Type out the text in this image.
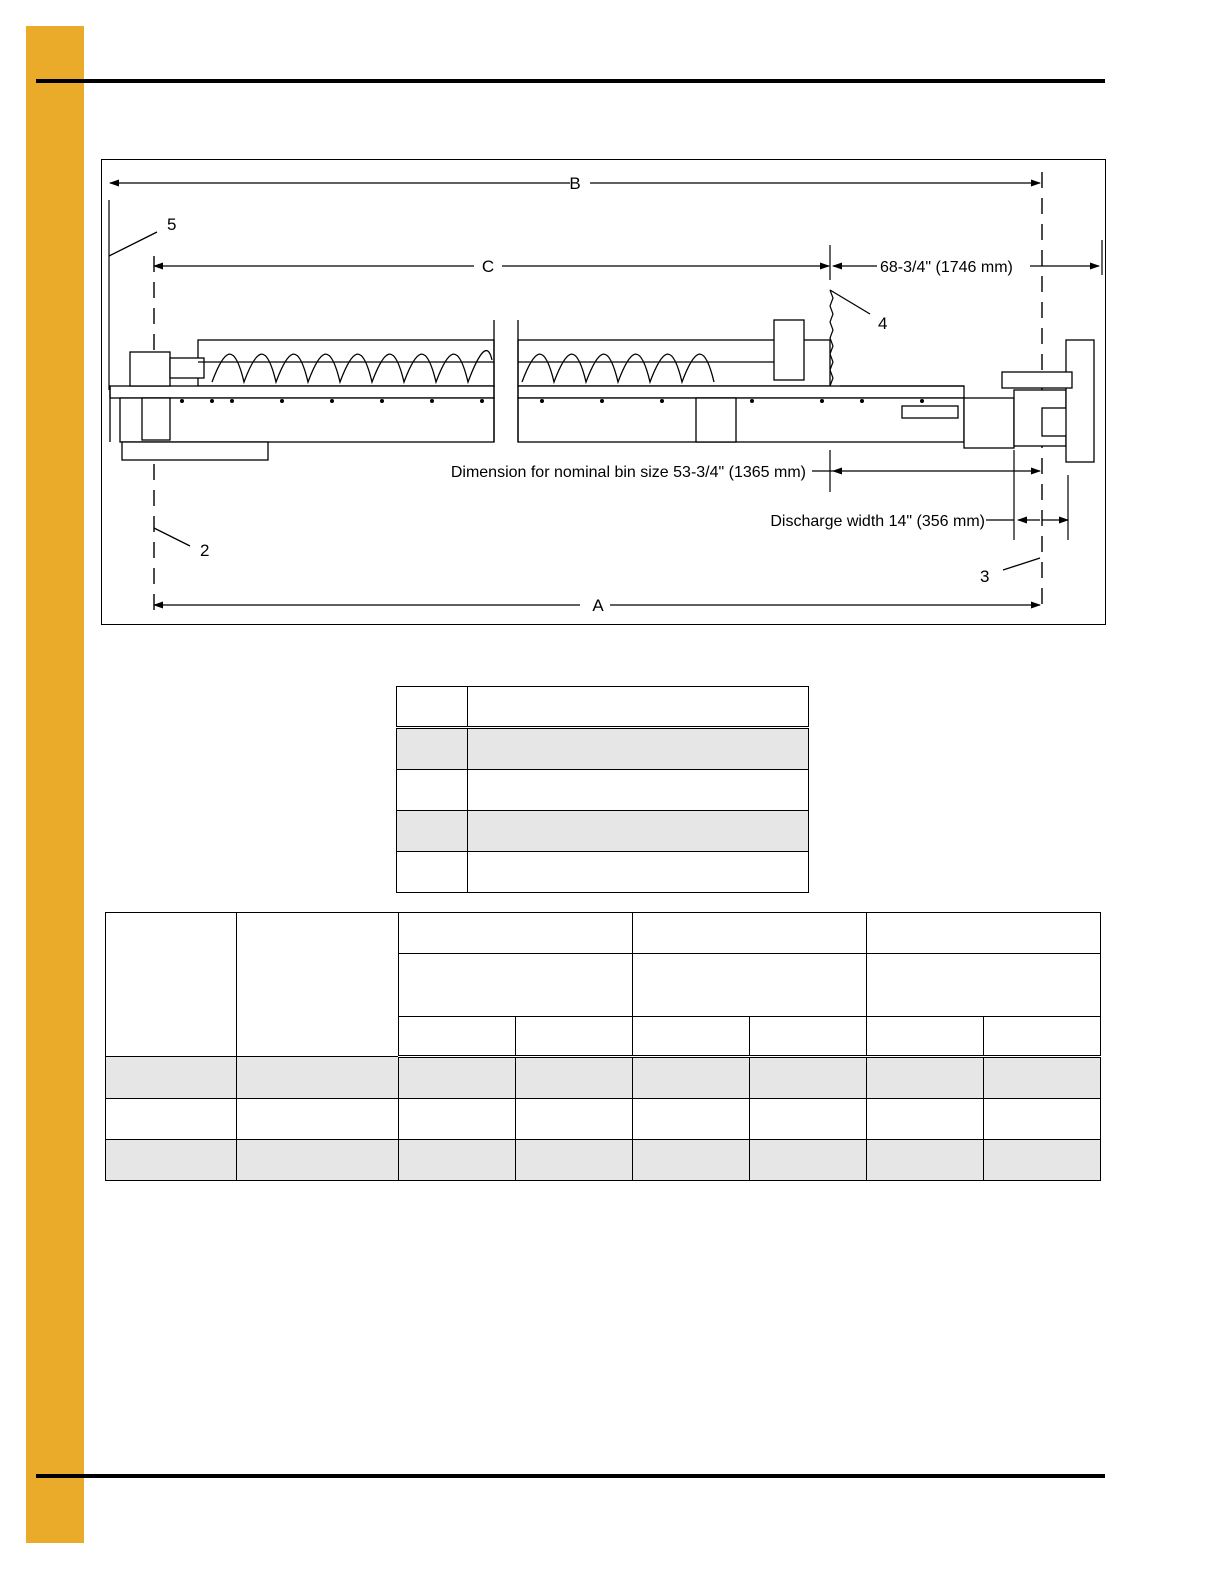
B
C
A
5
2
3
4
68-3/4" (1746 mm)
Dimension for nominal bin size 53-3/4" (1365 mm)
Discharge width 14" (356 mm)
